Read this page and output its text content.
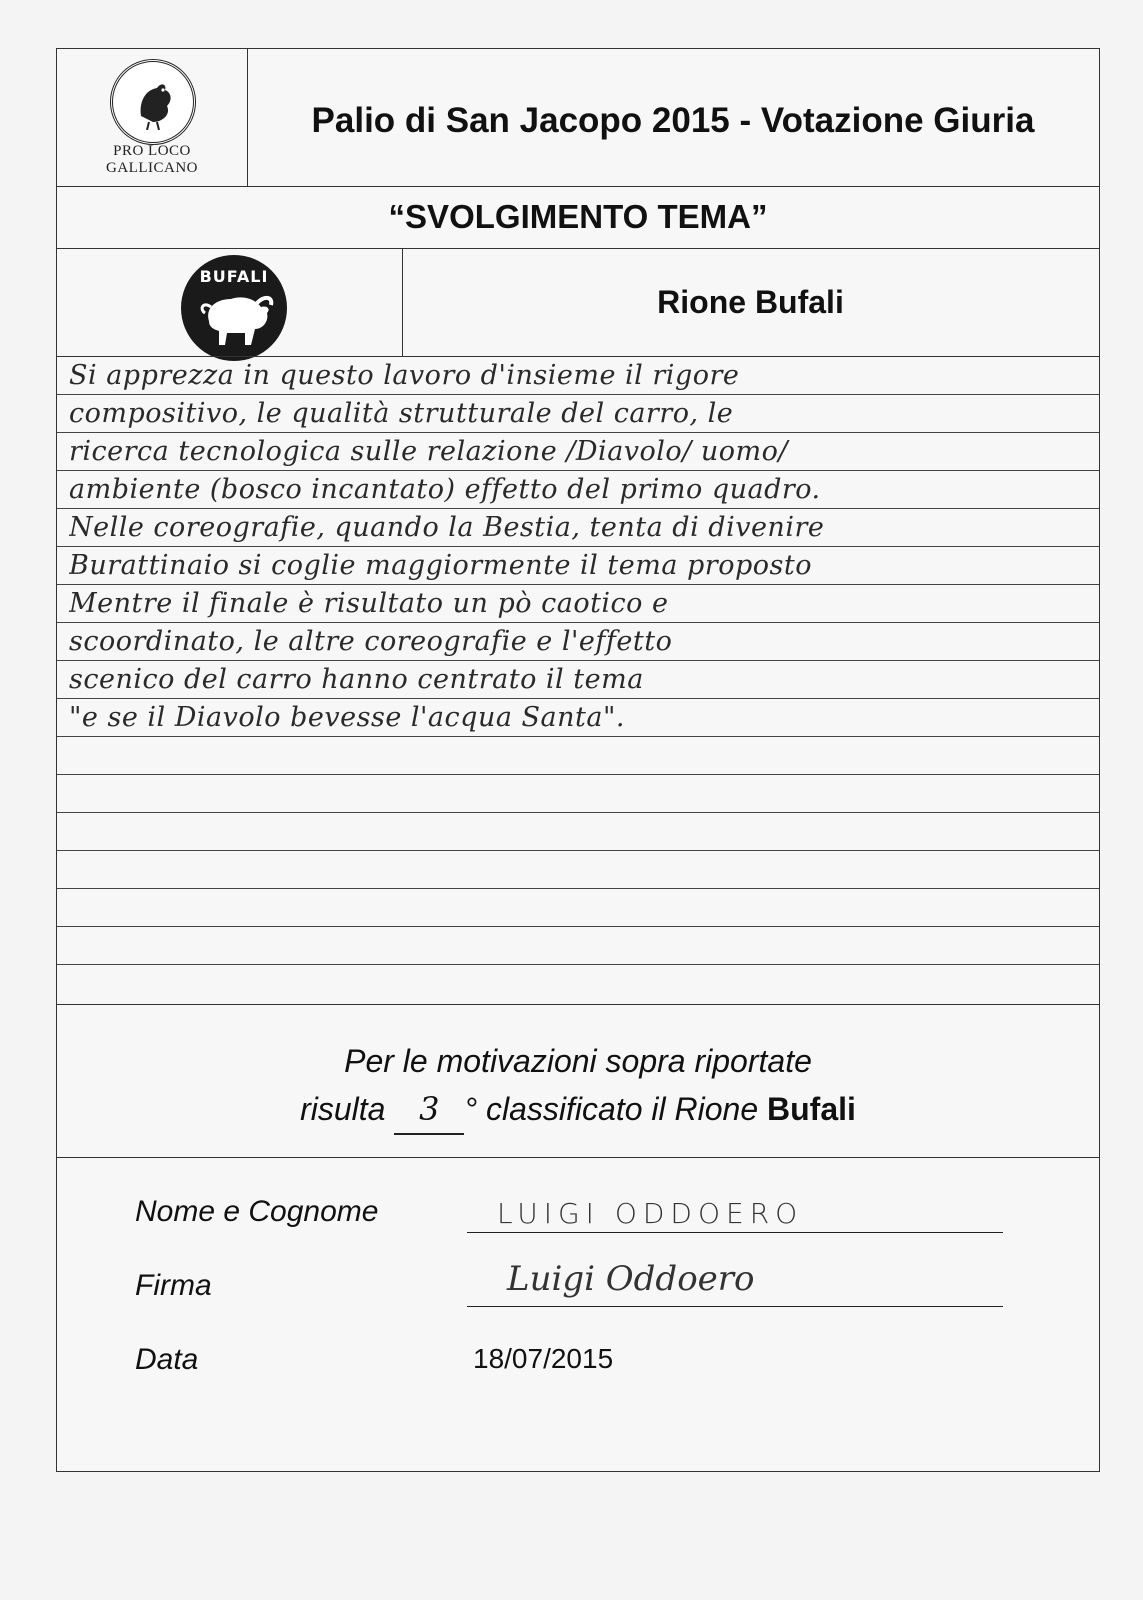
PRO LOCO
GALLICANO
Palio di San Jacopo 2015 - Votazione Giuria
“SVOLGIMENTO TEMA”
BUFALI
Rione Bufali
Si apprezza in questo lavoro d'insieme il rigore
compositivo, le qualità strutturale del carro, le
ricerca tecnologica sulle relazione /Diavolo/ uomo/
ambiente (bosco incantato) effetto del primo quadro.
Nelle coreografie, quando la Bestia, tenta di divenire
Burattinaio si coglie maggiormente il tema proposto
Mentre il finale è risultato un pò caotico e
scoordinato, le altre coreografie e l'effetto
scenico del carro hanno centrato il tema
"e se il Diavolo bevesse l'acqua Santa".
Per le motivazioni sopra riportate
risulta 3 ° classificato il Rione Bufali
Nome e Cognome	LUIGI ODDOERO
Firma	Luigi Oddoero
Data	18/07/2015
